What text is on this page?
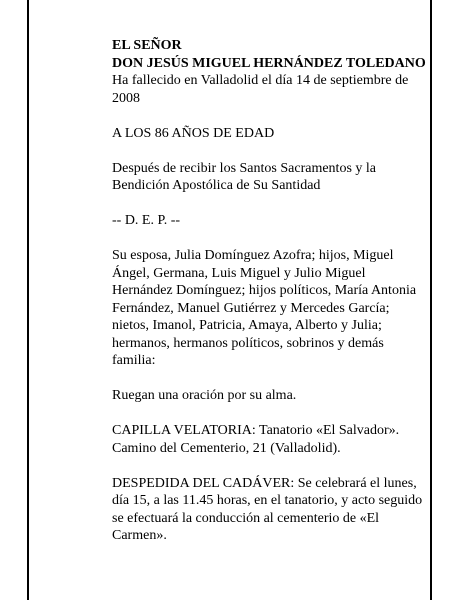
EL SEÑOR

DON JESÚS MIGUEL HERNÁNDEZ TOLEDANO

Ha fallecido en Valladolid el día 14 de septiembre de 2008

A LOS 86 AÑOS DE EDAD

Después de recibir los Santos Sacramentos y la Bendición Apostólica de Su Santidad

-- D. E. P. --

Su esposa, Julia Domínguez Azofra; hijos, Miguel Ángel, Germana, Luis Miguel y Julio Miguel Hernández Domínguez; hijos políticos, María Antonia Fernández, Manuel Gutiérrez y Mercedes García; nietos, Imanol, Patricia, Amaya, Alberto y Julia; hermanos, hermanos políticos, sobrinos y demás familia:

Ruegan una oración por su alma.

CAPILLA VELATORIA: Tanatorio «El Salvador». Camino del Cementerio, 21 (Valladolid).

DESPEDIDA DEL CADÁVER: Se celebrará el lunes, día 15, a las 11.45 horas, en el tanatorio, y acto seguido se efectuará la conducción al cementerio de «El Carmen».
